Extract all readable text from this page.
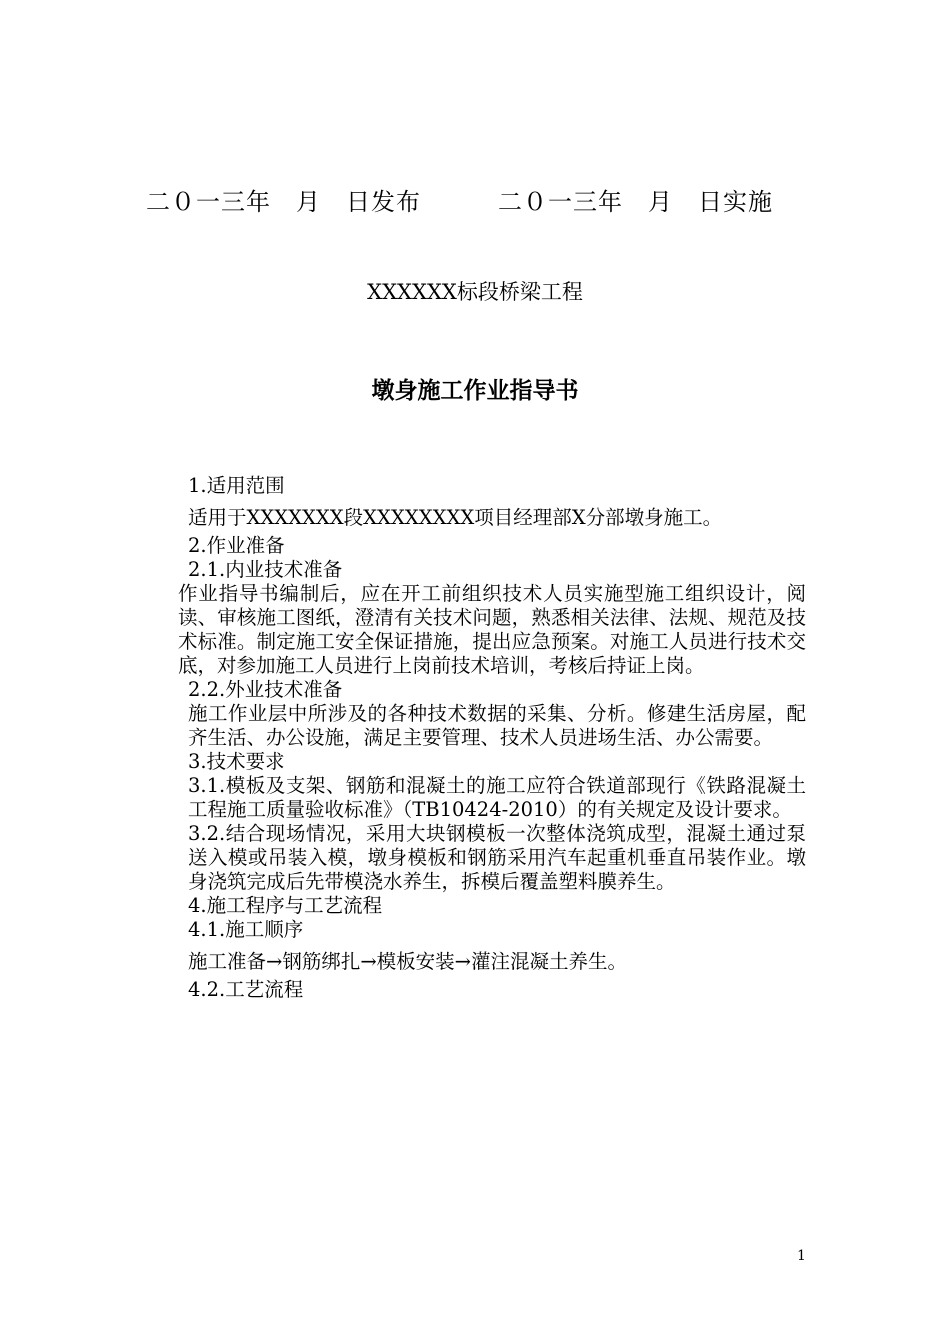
二０一三年　月　日发布	二０一三年　月　日实施
XXXXXX标段桥梁工程
墩身施工作业指导书

1.适用范围

适用于XXXXXXX段XXXXXXXX项目经理部X分部墩身施工。

2.作业准备

2.1.内业技术准备

作业指导书编制后，应在开工前组织技术人员实施型施工组织设计，阅读、审核施工图纸，澄清有关技术问题，熟悉相关法律、法规、规范及技术标准。制定施工安全保证措施，提出应急预案。对施工人员进行技术交底，对参加施工人员进行上岗前技术培训，考核后持证上岗。

2.2.外业技术准备

施工作业层中所涉及的各种技术数据的采集、分析。修建生活房屋，配齐生活、办公设施，满足主要管理、技术人员进场生活、办公需要。

3.技术要求

3.1.模板及支架、钢筋和混凝土的施工应符合铁道部现行《铁路混凝土工程施工质量验收标准》（TB10424-2010）的有关规定及设计要求。

3.2.结合现场情况，采用大块钢模板一次整体浇筑成型，混凝土通过泵送入模或吊装入模，墩身模板和钢筋采用汽车起重机垂直吊装作业。墩身浇筑完成后先带模浇水养生，拆模后覆盖塑料膜养生。

4.施工程序与工艺流程

4.1.施工顺序

施工准备→钢筋绑扎→模板安装→灌注混凝土养生。

4.2.工艺流程

1
